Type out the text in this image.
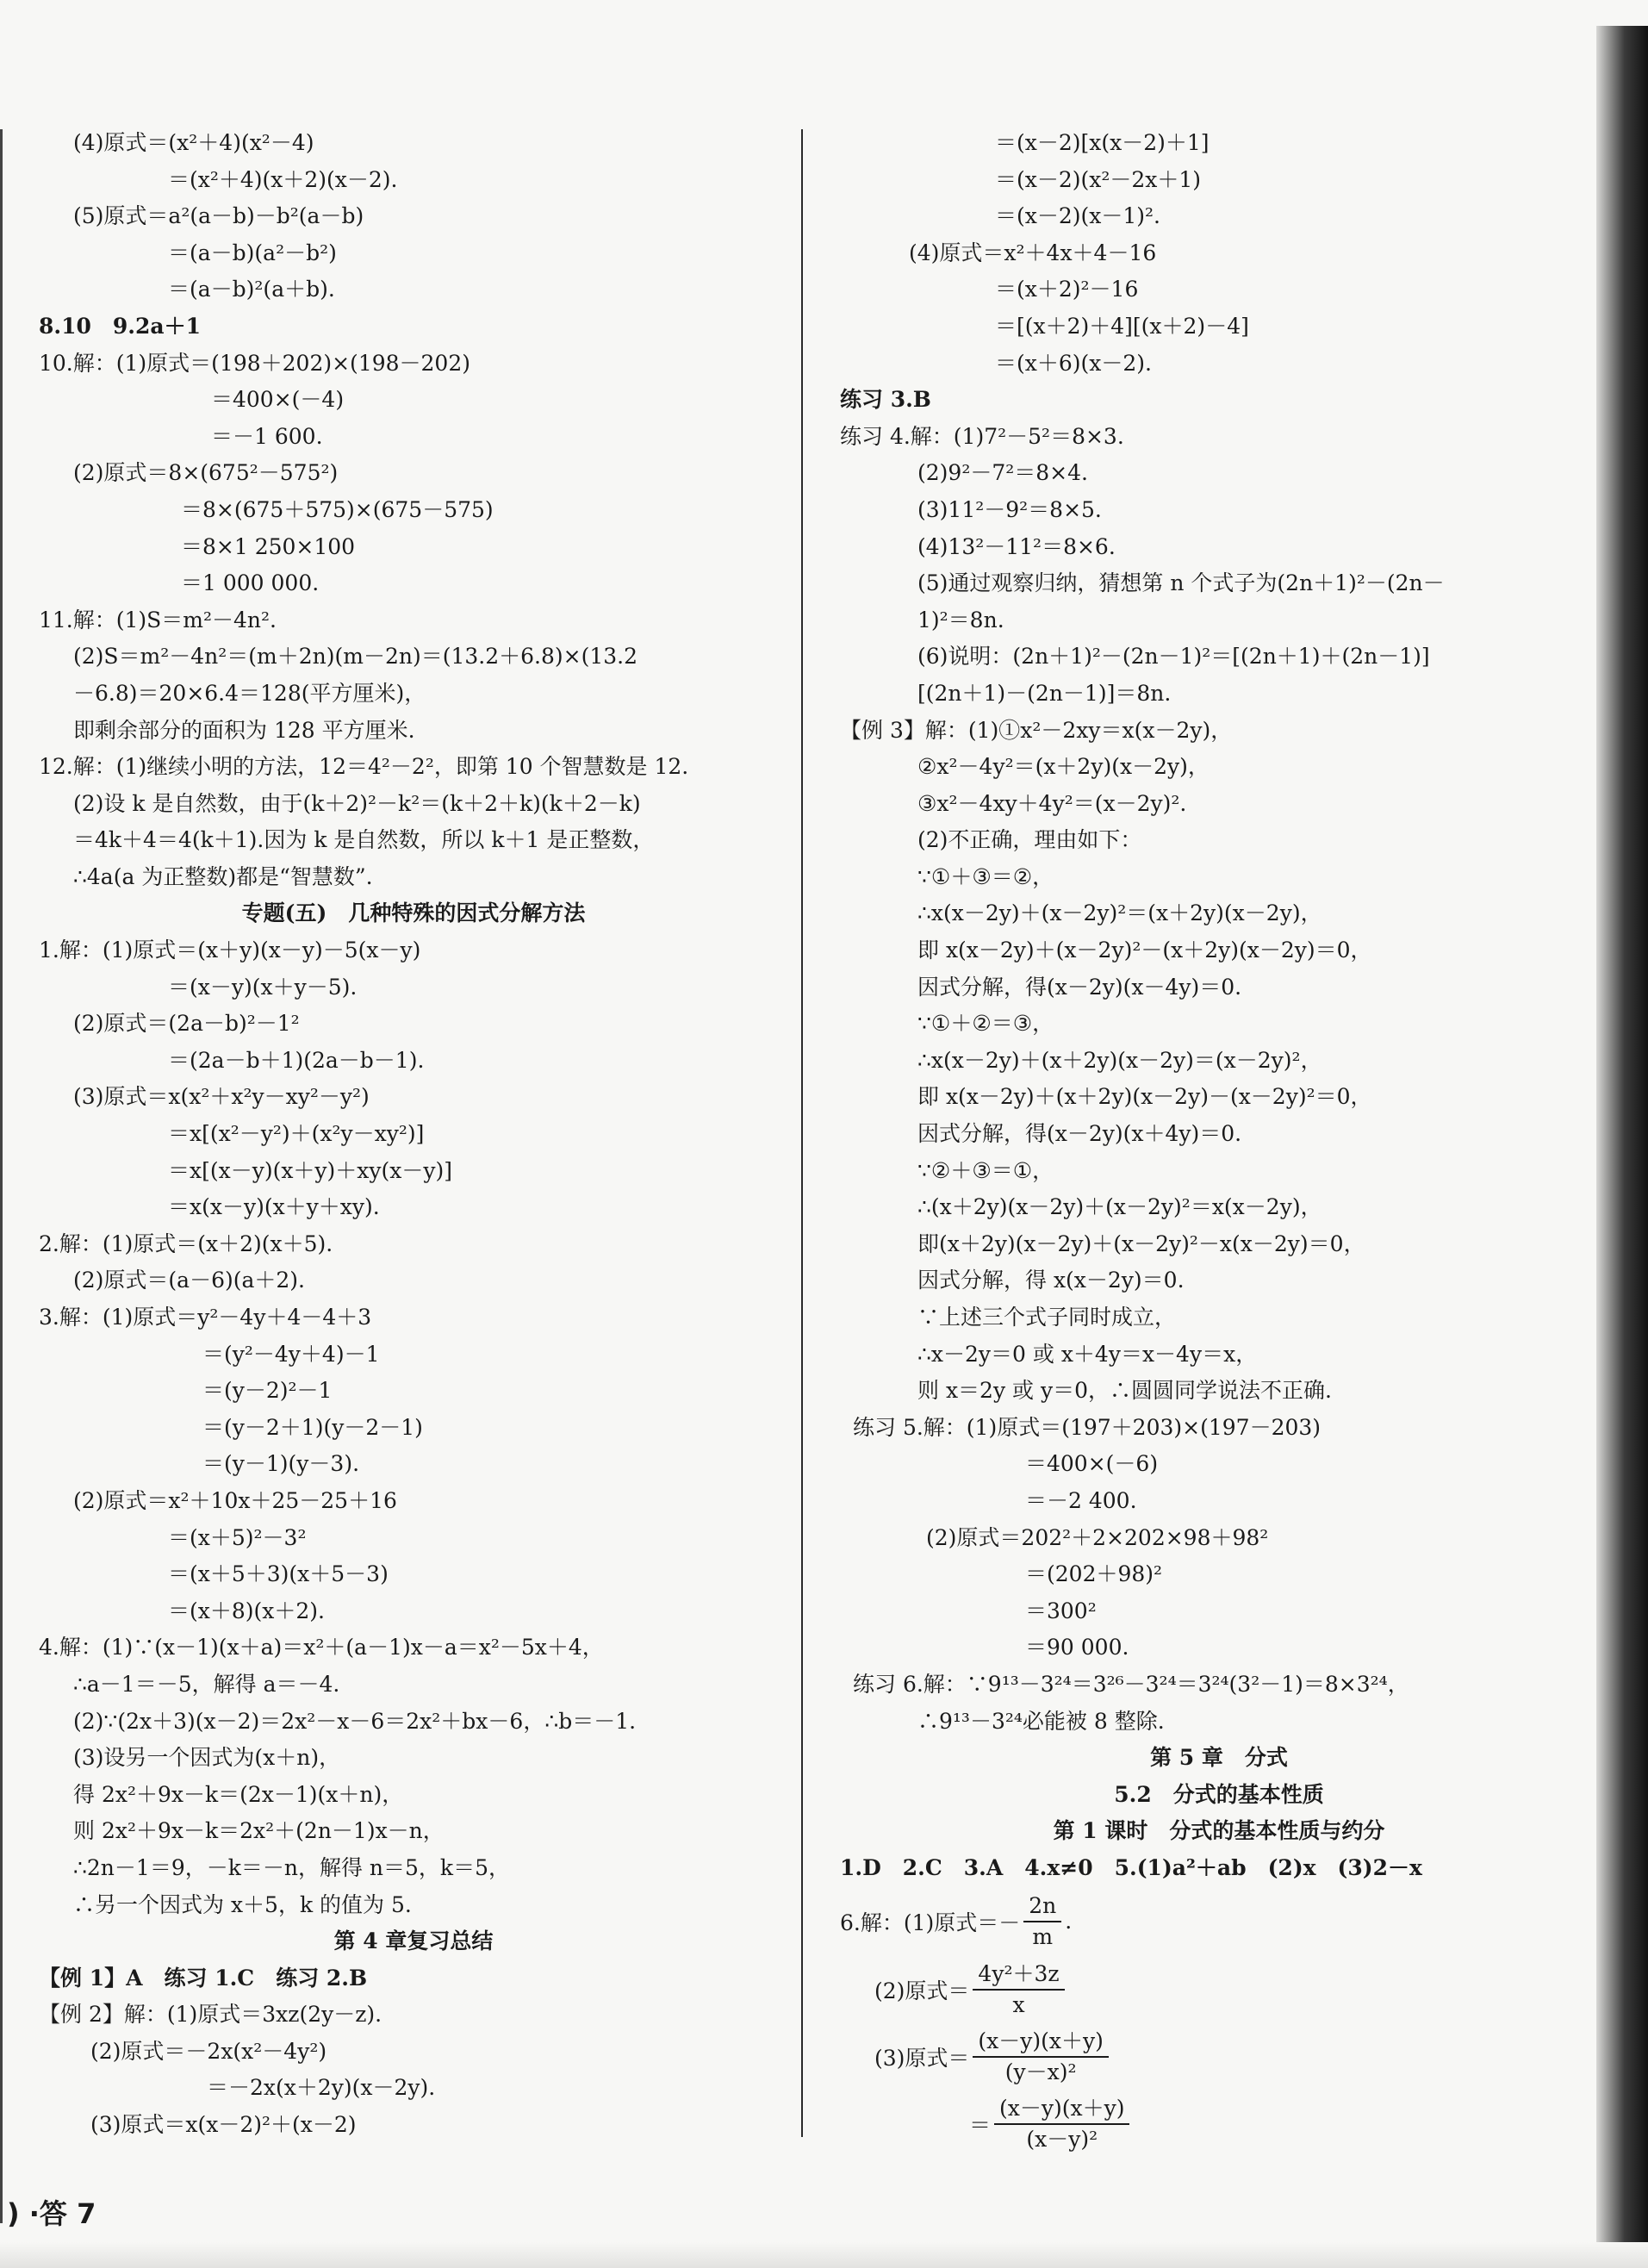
(4)原式＝(x²＋4)(x²－4)
＝(x²＋4)(x＋2)(x－2).
(5)原式＝a²(a－b)－b²(a－b)
＝(a－b)(a²－b²)
＝(a－b)²(a＋b).
8.10　9.2a＋1
10.解：(1)原式＝(198＋202)×(198－202)
＝400×(－4)
＝－1 600.
(2)原式＝8×(675²－575²)
＝8×(675＋575)×(675－575)
＝8×1 250×100
＝1 000 000.
11.解：(1)S＝m²－4n².
(2)S＝m²－4n²＝(m＋2n)(m－2n)＝(13.2＋6.8)×(13.2
－6.8)＝20×6.4＝128(平方厘米)，
即剩余部分的面积为 128 平方厘米.
12.解：(1)继续小明的方法，12＝4²－2²，即第 10 个智慧数是 12.
(2)设 k 是自然数，由于(k＋2)²－k²＝(k＋2＋k)(k＋2－k)
＝4k＋4＝4(k＋1).因为 k 是自然数，所以 k＋1 是正整数，
∴4a(a 为正整数)都是“智慧数”.
专题(五)　几种特殊的因式分解方法
1.解：(1)原式＝(x＋y)(x－y)－5(x－y)
＝(x－y)(x＋y－5).
(2)原式＝(2a－b)²－1²
＝(2a－b＋1)(2a－b－1).
(3)原式＝x(x²＋x²y－xy²－y²)
＝x[(x²－y²)＋(x²y－xy²)]
＝x[(x－y)(x＋y)＋xy(x－y)]
＝x(x－y)(x＋y＋xy).
2.解：(1)原式＝(x＋2)(x＋5).
(2)原式＝(a－6)(a＋2).
3.解：(1)原式＝y²－4y＋4－4＋3
＝(y²－4y＋4)－1
＝(y－2)²－1
＝(y－2＋1)(y－2－1)
＝(y－1)(y－3).
(2)原式＝x²＋10x＋25－25＋16
＝(x＋5)²－3²
＝(x＋5＋3)(x＋5－3)
＝(x＋8)(x＋2).
4.解：(1)∵(x－1)(x＋a)＝x²＋(a－1)x－a＝x²－5x＋4，
∴a－1＝－5，解得 a＝－4.
(2)∵(2x＋3)(x－2)＝2x²－x－6＝2x²＋bx－6，∴b＝－1.
(3)设另一个因式为(x＋n)，
得 2x²＋9x－k＝(2x－1)(x＋n)，
则 2x²＋9x－k＝2x²＋(2n－1)x－n，
∴2n－1＝9，－k＝－n，解得 n＝5，k＝5，
∴另一个因式为 x＋5，k 的值为 5.
第 4 章复习总结
【例 1】A　练习 1.C　练习 2.B
【例 2】解：(1)原式＝3xz(2y－z).
(2)原式＝－2x(x²－4y²)
＝－2x(x＋2y)(x－2y).
(3)原式＝x(x－2)²＋(x－2)
＝(x－2)[x(x－2)＋1]
＝(x－2)(x²－2x＋1)
＝(x－2)(x－1)².
(4)原式＝x²＋4x＋4－16
＝(x＋2)²－16
＝[(x＋2)＋4][(x＋2)－4]
＝(x＋6)(x－2).
练习 3.B
练习 4.解：(1)7²－5²＝8×3.
(2)9²－7²＝8×4.
(3)11²－9²＝8×5.
(4)13²－11²＝8×6.
(5)通过观察归纳，猜想第 n 个式子为(2n＋1)²－(2n－
1)²＝8n.
(6)说明：(2n＋1)²－(2n－1)²＝[(2n＋1)＋(2n－1)]
[(2n＋1)－(2n－1)]＝8n.
【例 3】解：(1)①x²－2xy＝x(x－2y)，
②x²－4y²＝(x＋2y)(x－2y)，
③x²－4xy＋4y²＝(x－2y)².
(2)不正确，理由如下：
∵①＋③＝②，
∴x(x－2y)＋(x－2y)²＝(x＋2y)(x－2y)，
即 x(x－2y)＋(x－2y)²－(x＋2y)(x－2y)＝0，
因式分解，得(x－2y)(x－4y)＝0.
∵①＋②＝③，
∴x(x－2y)＋(x＋2y)(x－2y)＝(x－2y)²，
即 x(x－2y)＋(x＋2y)(x－2y)－(x－2y)²＝0，
因式分解，得(x－2y)(x＋4y)＝0.
∵②＋③＝①，
∴(x＋2y)(x－2y)＋(x－2y)²＝x(x－2y)，
即(x＋2y)(x－2y)＋(x－2y)²－x(x－2y)＝0，
因式分解，得 x(x－2y)＝0.
∵上述三个式子同时成立，
∴x－2y＝0 或 x＋4y＝x－4y＝x，
则 x＝2y 或 y＝0，∴圆圆同学说法不正确.
练习 5.解：(1)原式＝(197＋203)×(197－203)
＝400×(－6)
＝－2 400.
(2)原式＝202²＋2×202×98＋98²
＝(202＋98)²
＝300²
＝90 000.
练习 6.解：∵9¹³－3²⁴＝3²⁶－3²⁴＝3²⁴(3²－1)＝8×3²⁴，
∴9¹³－3²⁴必能被 8 整除.
第 5 章　分式
5.2　分式的基本性质
第 1 课时　分式的基本性质与约分
1.D　2.C　3.A　4.x≠0　5.(1)a²＋ab　(2)x　(3)2－x
6.解：(1)原式＝－ $\frac{2n}{m}$ .
(2)原式＝ $\frac{\text{4y²＋3z}}{x}$
(3)原式＝ $\frac{(x-y)(x+y)}{\text{(y－x)²}}$
＝ $\frac{(x-y)(x+y)}{\text{(x－y)²}}$
) ·答 7
